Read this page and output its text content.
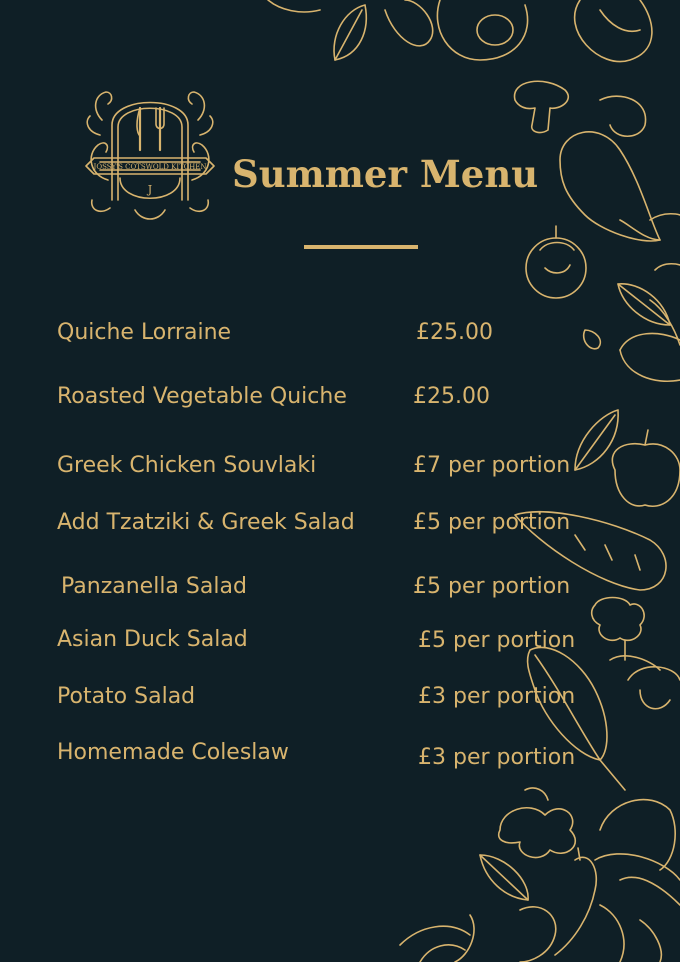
JOSSY'S COTSWOLD KITCHEN
J Summer Menu
Quiche Lorraine	£25.00
Roasted Vegetable Quiche	£25.00
Greek Chicken Souvlaki	£7 per portion
Add Tzatziki & Greek Salad	£5 per portion
Panzanella Salad	£5 per portion
Asian Duck Salad	£5 per portion
Potato Salad	£3 per portion
Homemade Coleslaw	£3 per portion
